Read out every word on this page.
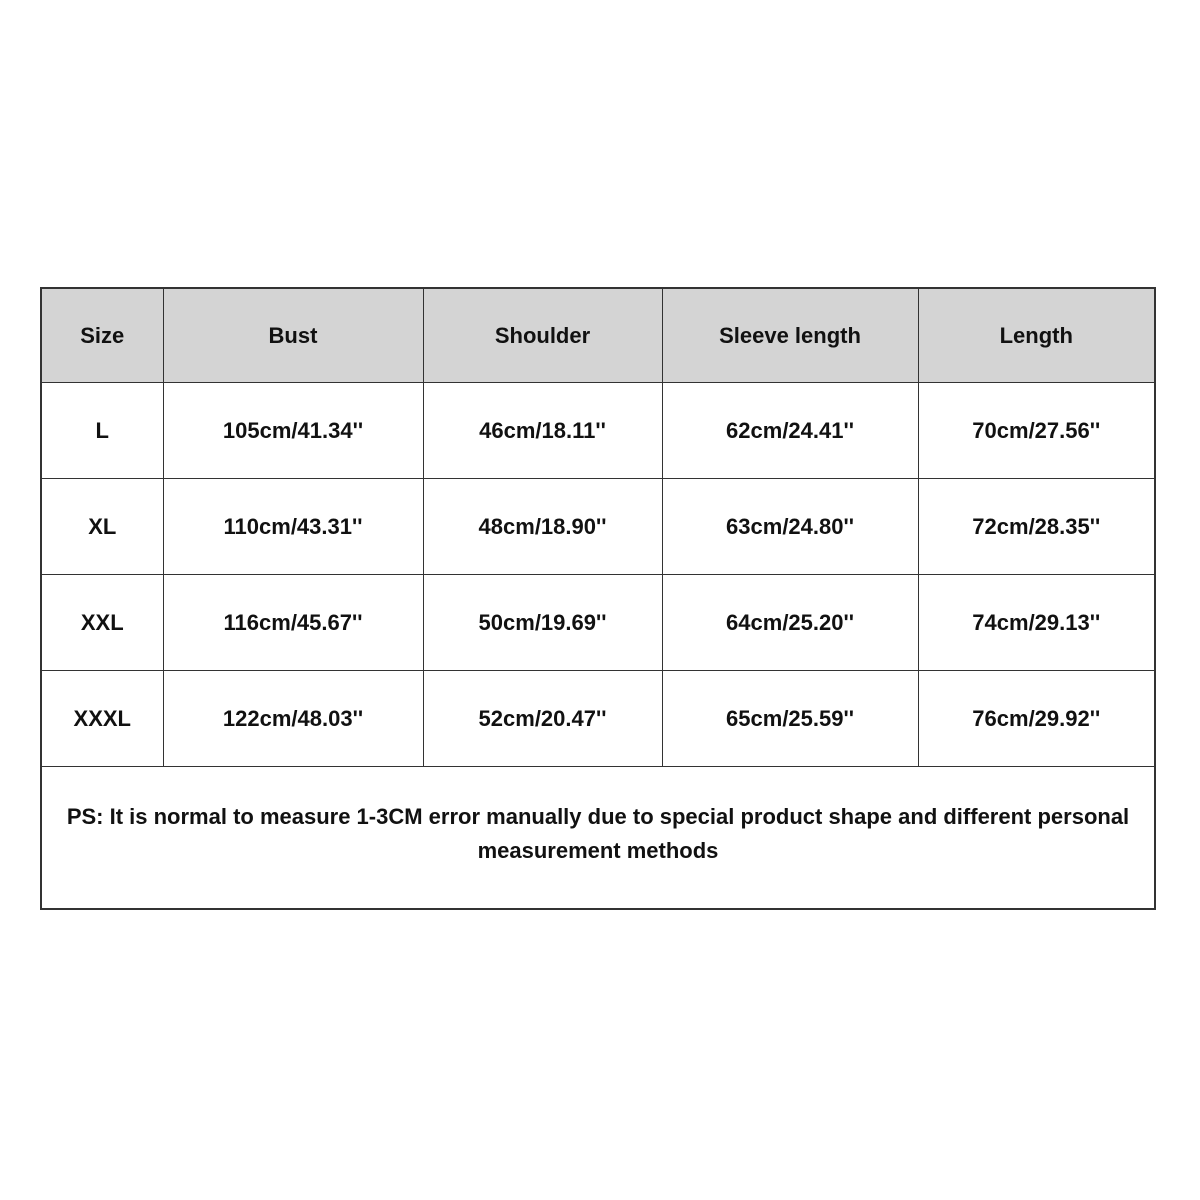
Size	Bust	Shoulder	Sleeve length	Length
L	105cm/41.34''	46cm/18.11''	62cm/24.41''	70cm/27.56''
XL	110cm/43.31''	48cm/18.90''	63cm/24.80''	72cm/28.35''
XXL	116cm/45.67''	50cm/19.69''	64cm/25.20''	74cm/29.13''
XXXL	122cm/48.03''	52cm/20.47''	65cm/25.59''	76cm/29.92''
PS: It is normal to measure 1-3CM error manually due to special product shape and different personal measurement methods
